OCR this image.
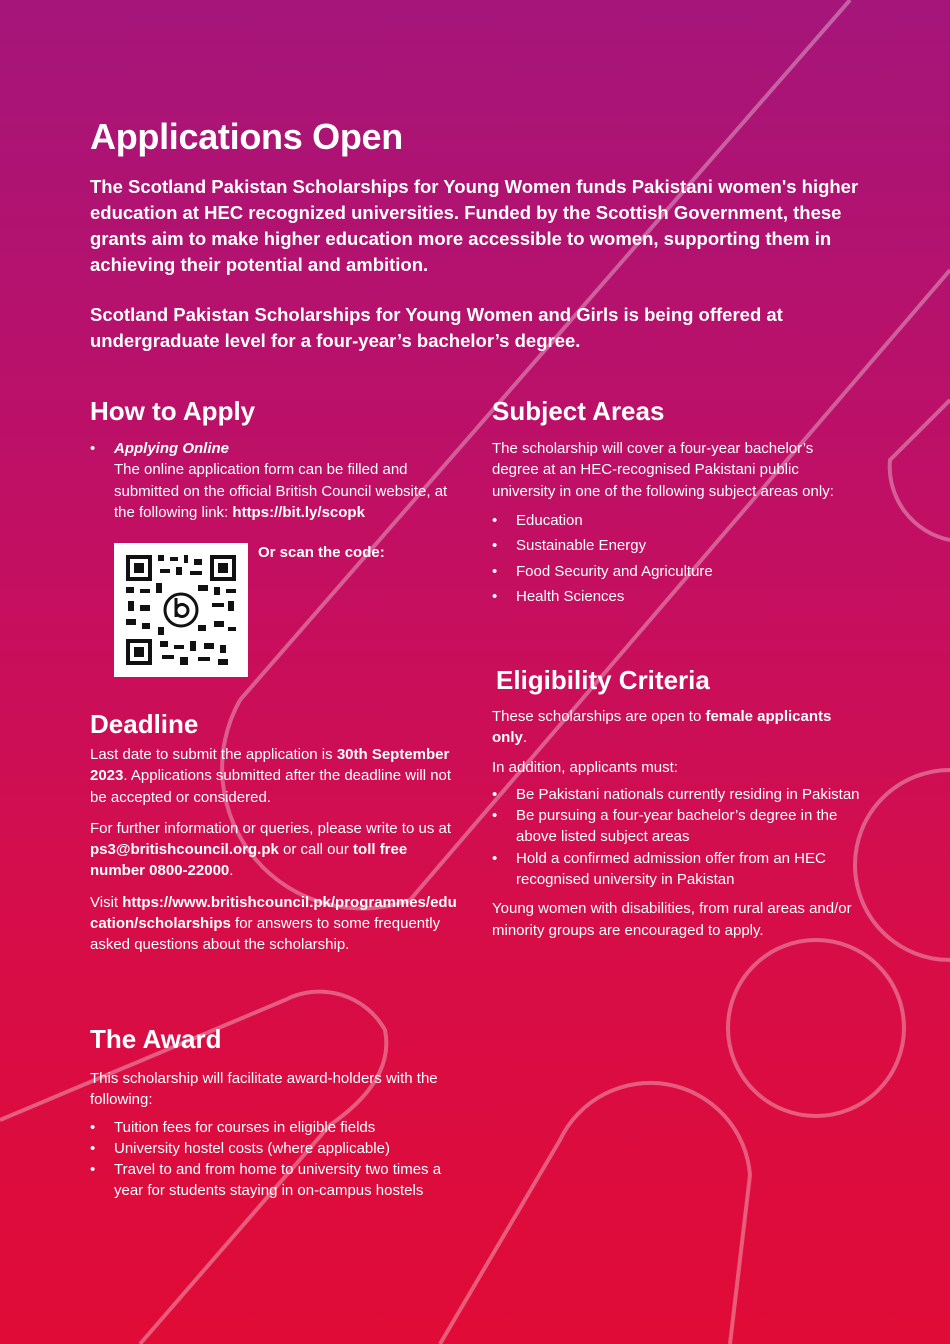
Applications Open

The Scotland Pakistan Scholarships for Young Women funds Pakistani women's higher education at HEC recognized universities. Funded by the Scottish Government, these grants aim to make higher education more accessible to women, supporting them in achieving their potential and ambition.

Scotland Pakistan Scholarships for Young Women and Girls is being offered at undergraduate level for a four-year’s bachelor’s degree.

How to Apply
• Applying Online

The online application form can be filled and submitted on the official British Council website, at the following link: https://bit.ly/scopk

Or scan the code:

Deadline

Last date to submit the application is 30th September 2023. Applications submitted after the deadline will not be accepted or considered.

For further information or queries, please write to us at ps3@britishcouncil.org.pk or call our toll free number 0800-22000.

Visit https://www.britishcouncil.pk/programmes/education/scholarships for answers to some frequently asked questions about the scholarship.

The Award

This scholarship will facilitate award-holders with the following:

• Tuition fees for courses in eligible fields
• University hostel costs (where applicable)
• Travel to and from home to university two times a year for students staying in on-campus hostels
Subject Areas

The scholarship will cover a four-year bachelor’s degree at an HEC-recognised Pakistani public university in one of the following subject areas only:

• Education
• Sustainable Energy
• Food Security and Agriculture
• Health Sciences
Eligibility Criteria

These scholarships are open to female applicants only.

In addition, applicants must:

• Be Pakistani nationals currently residing in Pakistan
• Be pursuing a four-year bachelor’s degree in the above listed subject areas
• Hold a confirmed admission offer from an HEC recognised university in Pakistan

Young women with disabilities, from rural areas and/or minority groups are encouraged to apply.
